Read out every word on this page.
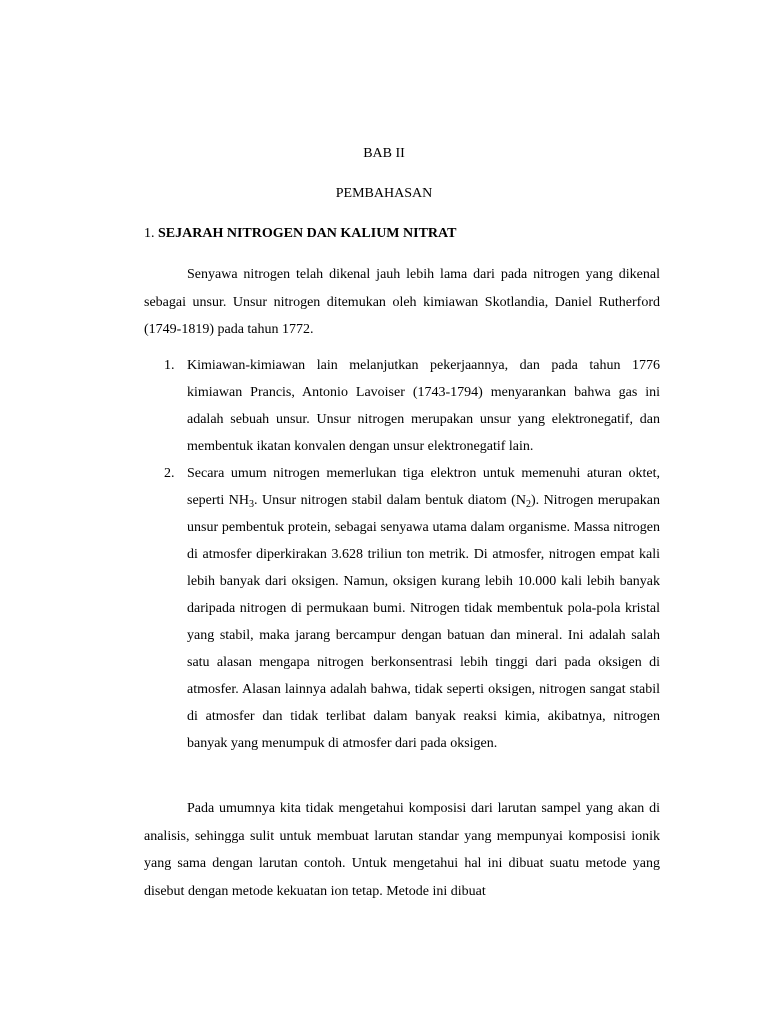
BAB II
PEMBAHASAN
1. SEJARAH NITROGEN DAN KALIUM NITRAT

Senyawa nitrogen telah dikenal jauh lebih lama dari pada nitrogen yang dikenal sebagai unsur. Unsur nitrogen ditemukan oleh kimiawan Skotlandia, Daniel Rutherford (1749-1819) pada tahun 1772.

1. Kimiawan-kimiawan lain melanjutkan pekerjaannya, dan pada tahun 1776 kimiawan Prancis, Antonio Lavoiser (1743-1794) menyarankan bahwa gas ini adalah sebuah unsur. Unsur nitrogen merupakan unsur yang elektronegatif, dan membentuk ikatan konvalen dengan unsur elektronegatif lain.
2. Secara umum nitrogen memerlukan tiga elektron untuk memenuhi aturan oktet, seperti $NH_3$. Unsur nitrogen stabil dalam bentuk diatom $(N_2)$. Nitrogen merupakan unsur pembentuk protein, sebagai senyawa utama dalam organisme. Massa nitrogen di atmosfer diperkirakan 3.628 triliun ton metrik. Di atmosfer, nitrogen empat kali lebih banyak dari oksigen. Namun, oksigen kurang lebih 10.000 kali lebih banyak daripada nitrogen di permukaan bumi. Nitrogen tidak membentuk pola-pola kristal yang stabil, maka jarang bercampur dengan batuan dan mineral. Ini adalah salah satu alasan mengapa nitrogen berkonsentrasi lebih tinggi dari pada oksigen di atmosfer. Alasan lainnya adalah bahwa, tidak seperti oksigen, nitrogen sangat stabil di atmosfer dan tidak terlibat dalam banyak reaksi kimia, akibatnya, nitrogen banyak yang menumpuk di atmosfer dari pada oksigen.

Pada umumnya kita tidak mengetahui komposisi dari larutan sampel yang akan di analisis, sehingga sulit untuk membuat larutan standar yang mempunyai komposisi ionik yang sama dengan larutan contoh. Untuk mengetahui hal ini dibuat suatu metode yang disebut dengan metode kekuatan ion tetap. Metode ini dibuat
